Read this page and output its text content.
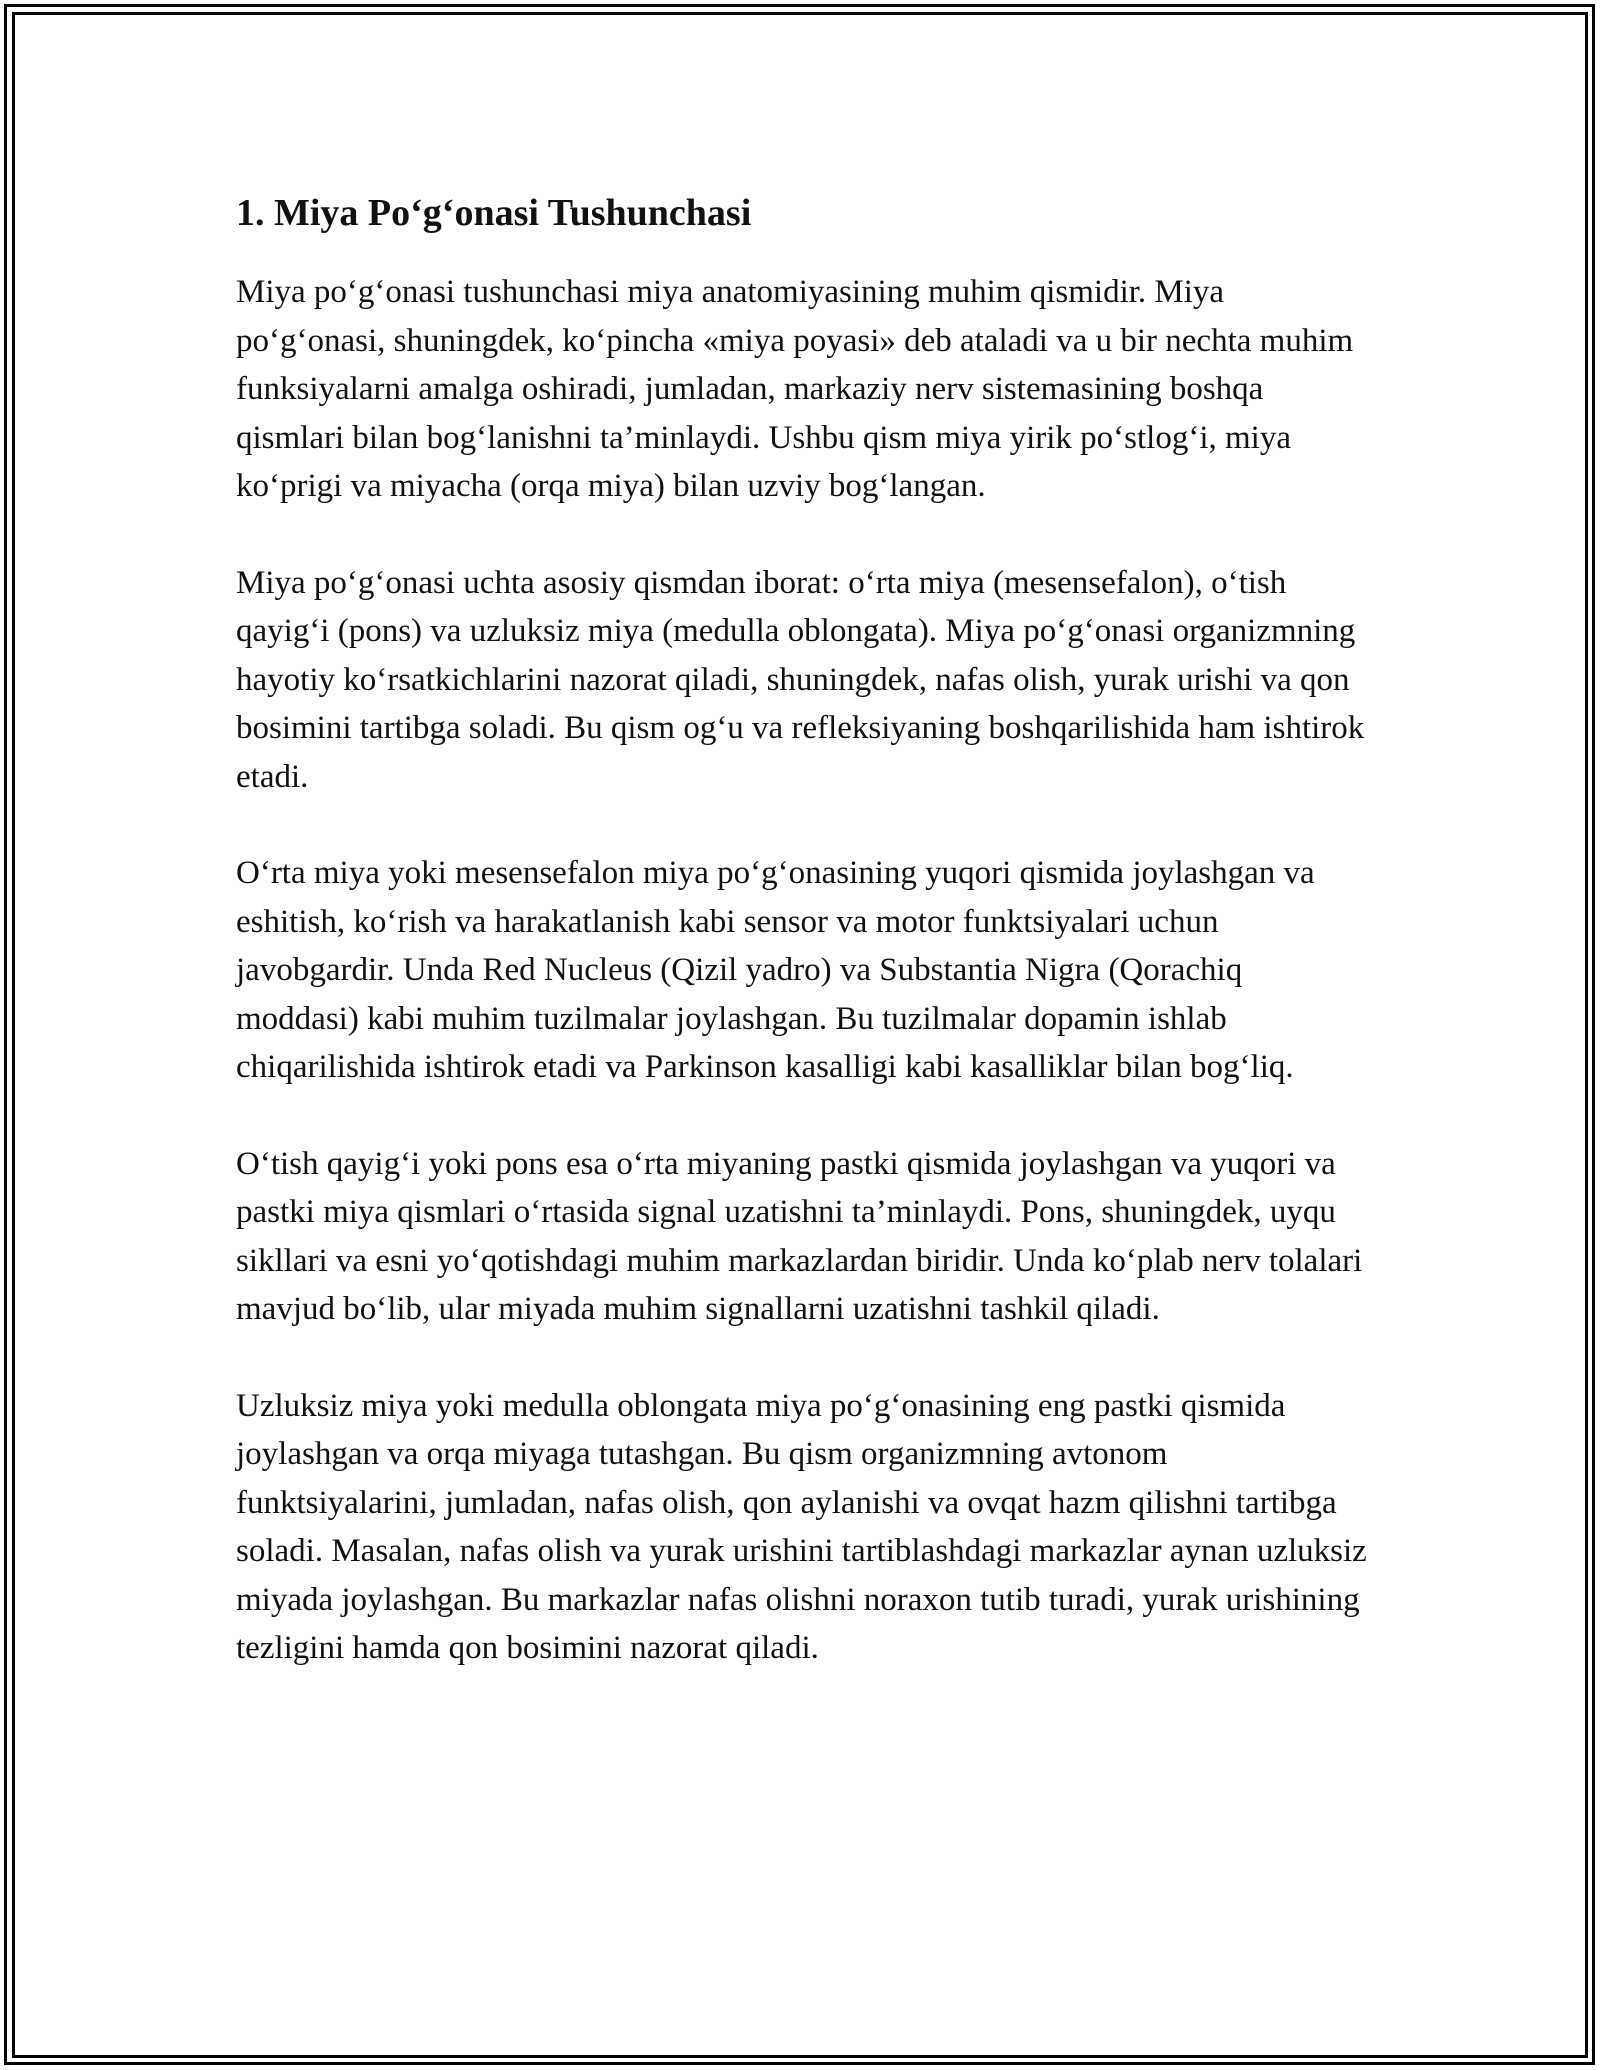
1. Miya Po‘g‘onasi Tushunchasi

Miya po‘g‘onasi tushunchasi miya anatomiyasining muhim qismidir. Miya po‘g‘onasi, shuningdek, ko‘pincha «miya poyasi» deb ataladi va u bir nechta muhim funksiyalarni amalga oshiradi, jumladan, markaziy nerv sistemasining boshqa qismlari bilan bog‘lanishni ta’minlaydi. Ushbu qism miya yirik po‘stlog‘i, miya ko‘prigi va miyacha (orqa miya) bilan uzviy bog‘langan.

Miya po‘g‘onasi uchta asosiy qismdan iborat: o‘rta miya (mesensefalon), o‘tish qayig‘i (pons) va uzluksiz miya (medulla oblongata). Miya po‘g‘onasi organizmning hayotiy ko‘rsatkichlarini nazorat qiladi, shuningdek, nafas olish, yurak urishi va qon bosimini tartibga soladi. Bu qism og‘u va refleksiyaning boshqarilishida ham ishtirok etadi.

O‘rta miya yoki mesensefalon miya po‘g‘onasining yuqori qismida joylashgan va eshitish, ko‘rish va harakatlanish kabi sensor va motor funktsiyalari uchun javobgardir. Unda Red Nucleus (Qizil yadro) va Substantia Nigra (Qorachiq moddasi) kabi muhim tuzilmalar joylashgan. Bu tuzilmalar dopamin ishlab chiqarilishida ishtirok etadi va Parkinson kasalligi kabi kasalliklar bilan bog‘liq.

O‘tish qayig‘i yoki pons esa o‘rta miyaning pastki qismida joylashgan va yuqori va pastki miya qismlari o‘rtasida signal uzatishni ta’minlaydi. Pons, shuningdek, uyqu sikllari va esni yo‘qotishdagi muhim markazlardan biridir. Unda ko‘plab nerv tolalari mavjud bo‘lib, ular miyada muhim signallarni uzatishni tashkil qiladi.

Uzluksiz miya yoki medulla oblongata miya po‘g‘onasining eng pastki qismida joylashgan va orqa miyaga tutashgan. Bu qism organizmning avtonom funktsiyalarini, jumladan, nafas olish, qon aylanishi va ovqat hazm qilishni tartibga soladi. Masalan, nafas olish va yurak urishini tartiblashdagi markazlar aynan uzluksiz miyada joylashgan. Bu markazlar nafas olishni noraxon tutib turadi, yurak urishining tezligini hamda qon bosimini nazorat qiladi.
